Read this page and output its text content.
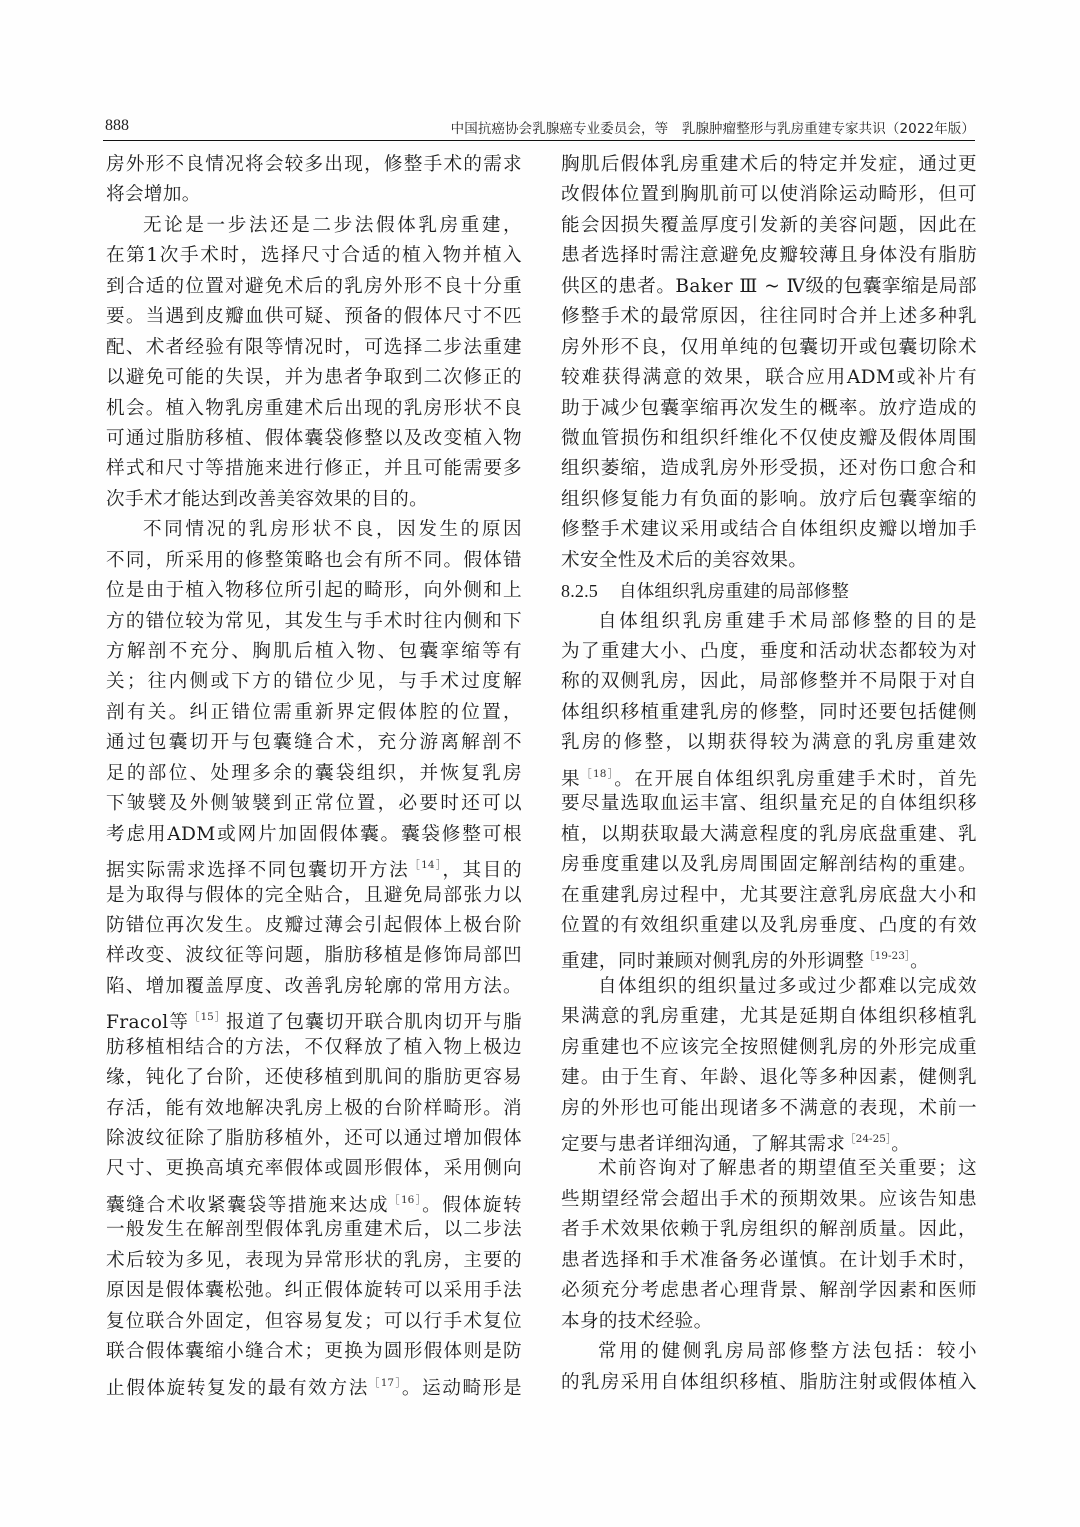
888	中国抗癌协会乳腺癌专业委员会，等　乳腺肿瘤整形与乳房重建专家共识（2022年版）
房外形不良情况将会较多出现，修整手术的需求
将会增加。
无论是一步法还是二步法假体乳房重建，
在第1次手术时，选择尺寸合适的植入物并植入
到合适的位置对避免术后的乳房外形不良十分重
要。当遇到皮瓣血供可疑、预备的假体尺寸不匹
配、术者经验有限等情况时，可选择二步法重建
以避免可能的失误，并为患者争取到二次修正的
机会。植入物乳房重建术后出现的乳房形状不良
可通过脂肪移植、假体囊袋修整以及改变植入物
样式和尺寸等措施来进行修正，并且可能需要多
次手术才能达到改善美容效果的目的。
不同情况的乳房形状不良，因发生的原因
不同，所采用的修整策略也会有所不同。假体错
位是由于植入物移位所引起的畸形，向外侧和上
方的错位较为常见，其发生与手术时往内侧和下
方解剖不充分、胸肌后植入物、包囊挛缩等有
关；往内侧或下方的错位少见，与手术过度解
剖有关。纠正错位需重新界定假体腔的位置，
通过包囊切开与包囊缝合术，充分游离解剖不
足的部位、处理多余的囊袋组织，并恢复乳房
下皱襞及外侧皱襞到正常位置，必要时还可以
考虑用ADM或网片加固假体囊。囊袋修整可根
据实际需求选择不同包囊切开方法$^{[14]}$，其目的
是为取得与假体的完全贴合，且避免局部张力以
防错位再次发生。皮瓣过薄会引起假体上极台阶
样改变、波纹征等问题，脂肪移植是修饰局部凹
陷、增加覆盖厚度、改善乳房轮廓的常用方法。
Fracol等$^{[15]}$报道了包囊切开联合肌肉切开与脂
肪移植相结合的方法，不仅释放了植入物上极边
缘，钝化了台阶，还使移植到肌间的脂肪更容易
存活，能有效地解决乳房上极的台阶样畸形。消
除波纹征除了脂肪移植外，还可以通过增加假体
尺寸、更换高填充率假体或圆形假体，采用侧向
囊缝合术收紧囊袋等措施来达成$^{[16]}$。假体旋转
一般发生在解剖型假体乳房重建术后，以二步法
术后较为多见，表现为异常形状的乳房，主要的
原因是假体囊松弛。纠正假体旋转可以采用手法
复位联合外固定，但容易复发；可以行手术复位
联合假体囊缩小缝合术；更换为圆形假体则是防
止假体旋转复发的最有效方法$^{[17]}$。运动畸形是
胸肌后假体乳房重建术后的特定并发症，通过更
改假体位置到胸肌前可以使消除运动畸形，但可
能会因损失覆盖厚度引发新的美容问题，因此在
患者选择时需注意避免皮瓣较薄且身体没有脂肪
供区的患者。Baker Ⅲ ~ Ⅳ级的包囊挛缩是局部
修整手术的最常原因，往往同时合并上述多种乳
房外形不良，仅用单纯的包囊切开或包囊切除术
较难获得满意的效果，联合应用ADM或补片有
助于减少包囊挛缩再次发生的概率。放疗造成的
微血管损伤和组织纤维化不仅使皮瓣及假体周围
组织萎缩，造成乳房外形受损，还对伤口愈合和
组织修复能力有负面的影响。放疗后包囊挛缩的
修整手术建议采用或结合自体组织皮瓣以增加手
术安全性及术后的美容效果。
8.2.5 自体组织乳房重建的局部修整
自体组织乳房重建手术局部修整的目的是
为了重建大小、凸度，垂度和活动状态都较为对
称的双侧乳房，因此，局部修整并不局限于对自
体组织移植重建乳房的修整，同时还要包括健侧
乳房的修整，以期获得较为满意的乳房重建效
果$^{[18]}$。在开展自体组织乳房重建手术时，首先
要尽量选取血运丰富、组织量充足的自体组织移
植，以期获取最大满意程度的乳房底盘重建、乳
房垂度重建以及乳房周围固定解剖结构的重建。
在重建乳房过程中，尤其要注意乳房底盘大小和
位置的有效组织重建以及乳房垂度、凸度的有效
重建，同时兼顾对侧乳房的外形调整$^{[19-23]}$。
自体组织的组织量过多或过少都难以完成效
果满意的乳房重建，尤其是延期自体组织移植乳
房重建也不应该完全按照健侧乳房的外形完成重
建。由于生育、年龄、退化等多种因素，健侧乳
房的外形也可能出现诸多不满意的表现，术前一
定要与患者详细沟通，了解其需求$^{[24-25]}$。
术前咨询对了解患者的期望值至关重要；这
些期望经常会超出手术的预期效果。应该告知患
者手术效果依赖于乳房组织的解剖质量。因此，
患者选择和手术准备务必谨慎。在计划手术时，
必须充分考虑患者心理背景、解剖学因素和医师
本身的技术经验。
常用的健侧乳房局部修整方法包括：较小
的乳房采用自体组织移植、脂肪注射或假体植入
